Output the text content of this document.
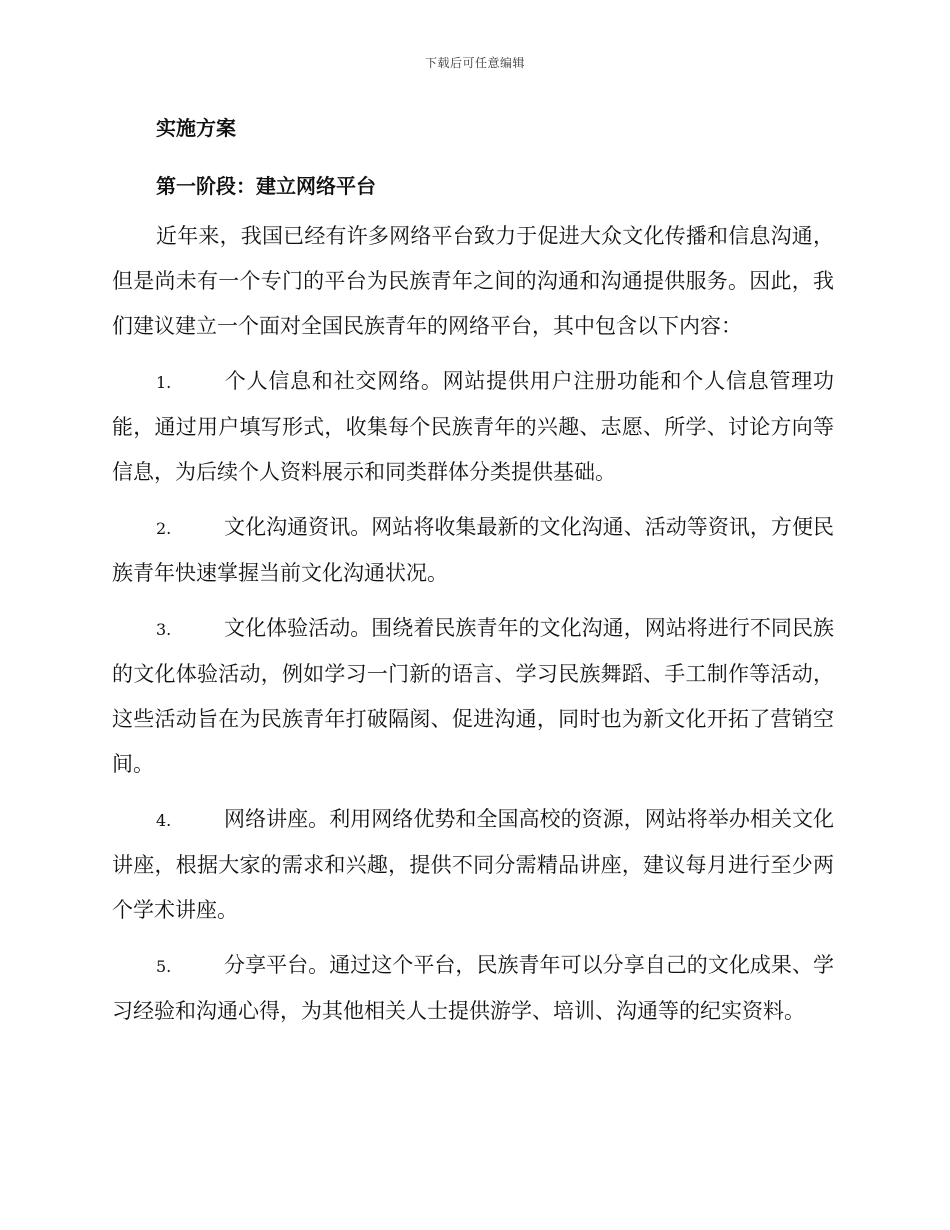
下载后可任意编辑
实施方案
第一阶段：建立网络平台

近年来，我国已经有许多网络平台致力于促进大众文化传播和信息沟通，但是尚未有一个专门的平台为民族青年之间的沟通和沟通提供服务。因此，我们建议建立一个面对全国民族青年的网络平台，其中包含以下内容：

1.	个人信息和社交网络。网站提供用户注册功能和个人信息管理功能，通过用户填写形式，收集每个民族青年的兴趣、志愿、所学、讨论方向等信息，为后续个人资料展示和同类群体分类提供基础。

2.	文化沟通资讯。网站将收集最新的文化沟通、活动等资讯，方便民族青年快速掌握当前文化沟通状况。

3.	文化体验活动。围绕着民族青年的文化沟通，网站将进行不同民族的文化体验活动，例如学习一门新的语言、学习民族舞蹈、手工制作等活动，这些活动旨在为民族青年打破隔阂、促进沟通，同时也为新文化开拓了营销空间。

4.	网络讲座。利用网络优势和全国高校的资源，网站将举办相关文化讲座，根据大家的需求和兴趣，提供不同分需精品讲座，建议每月进行至少两个学术讲座。

5.	分享平台。通过这个平台，民族青年可以分享自己的文化成果、学习经验和沟通心得，为其他相关人士提供游学、培训、沟通等的纪实资料。
